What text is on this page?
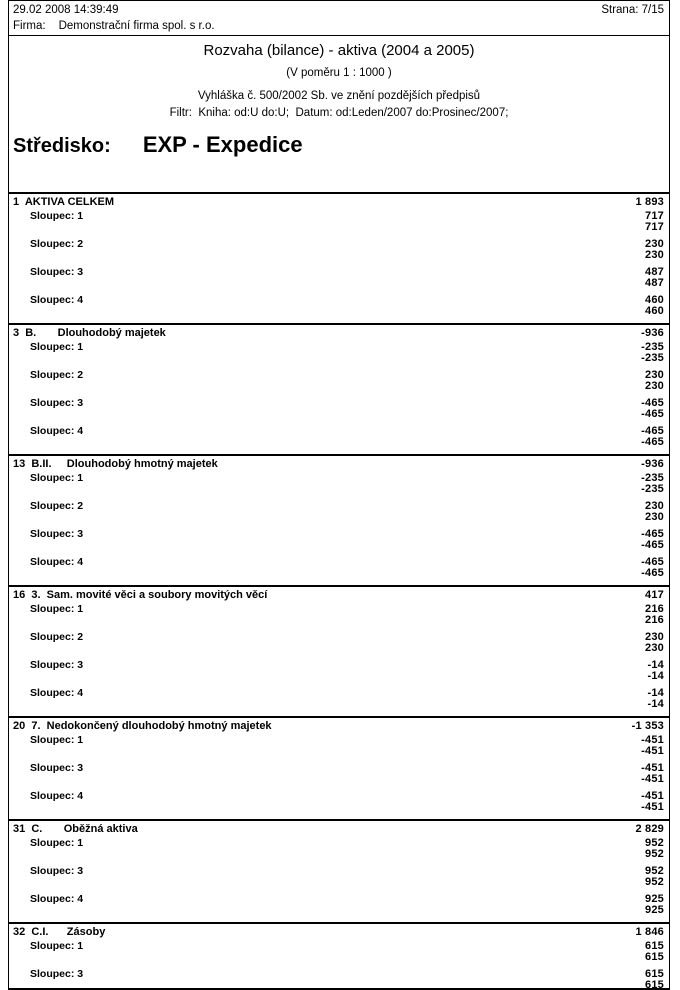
29.02 2008 14:39:49	Strana: 7/15
Firma: Demonstrační firma spol. s r.o.
Rozvaha (bilance) - aktiva (2004 a 2005)
(V poměru 1 : 1000 )
Vyhláška č. 500/2002 Sb. ve znění pozdějších předpisů
Filtr:  Kniha: od:U do:U;  Datum: od:Leden/2007 do:Prosinec/2007;
Středisko: EXP - Expedice
1  AKTIVA CELKEM	1 893
Sloupec: 1	717
717
Sloupec: 2	230
230
Sloupec: 3	487
487
Sloupec: 4	460
460
3  B.       Dlouhodobý majetek	-936
Sloupec: 1	-235
-235
Sloupec: 2	230
230
Sloupec: 3	-465
-465
Sloupec: 4	-465
-465
13  B.II.     Dlouhodobý hmotný majetek	-936
Sloupec: 1	-235
-235
Sloupec: 2	230
230
Sloupec: 3	-465
-465
Sloupec: 4	-465
-465
16  3.  Sam. movité věci a soubory movitých věcí	417
Sloupec: 1	216
216
Sloupec: 2	230
230
Sloupec: 3	-14
-14
Sloupec: 4	-14
-14
20  7.  Nedokončený dlouhodobý hmotný majetek	-1 353
Sloupec: 1	-451
-451
Sloupec: 3	-451
-451
Sloupec: 4	-451
-451
31  C.       Oběžná aktiva	2 829
Sloupec: 1	952
952
Sloupec: 3	952
952
Sloupec: 4	925
925
32  C.I.      Zásoby	1 846
Sloupec: 1	615
615
Sloupec: 3	615
615
